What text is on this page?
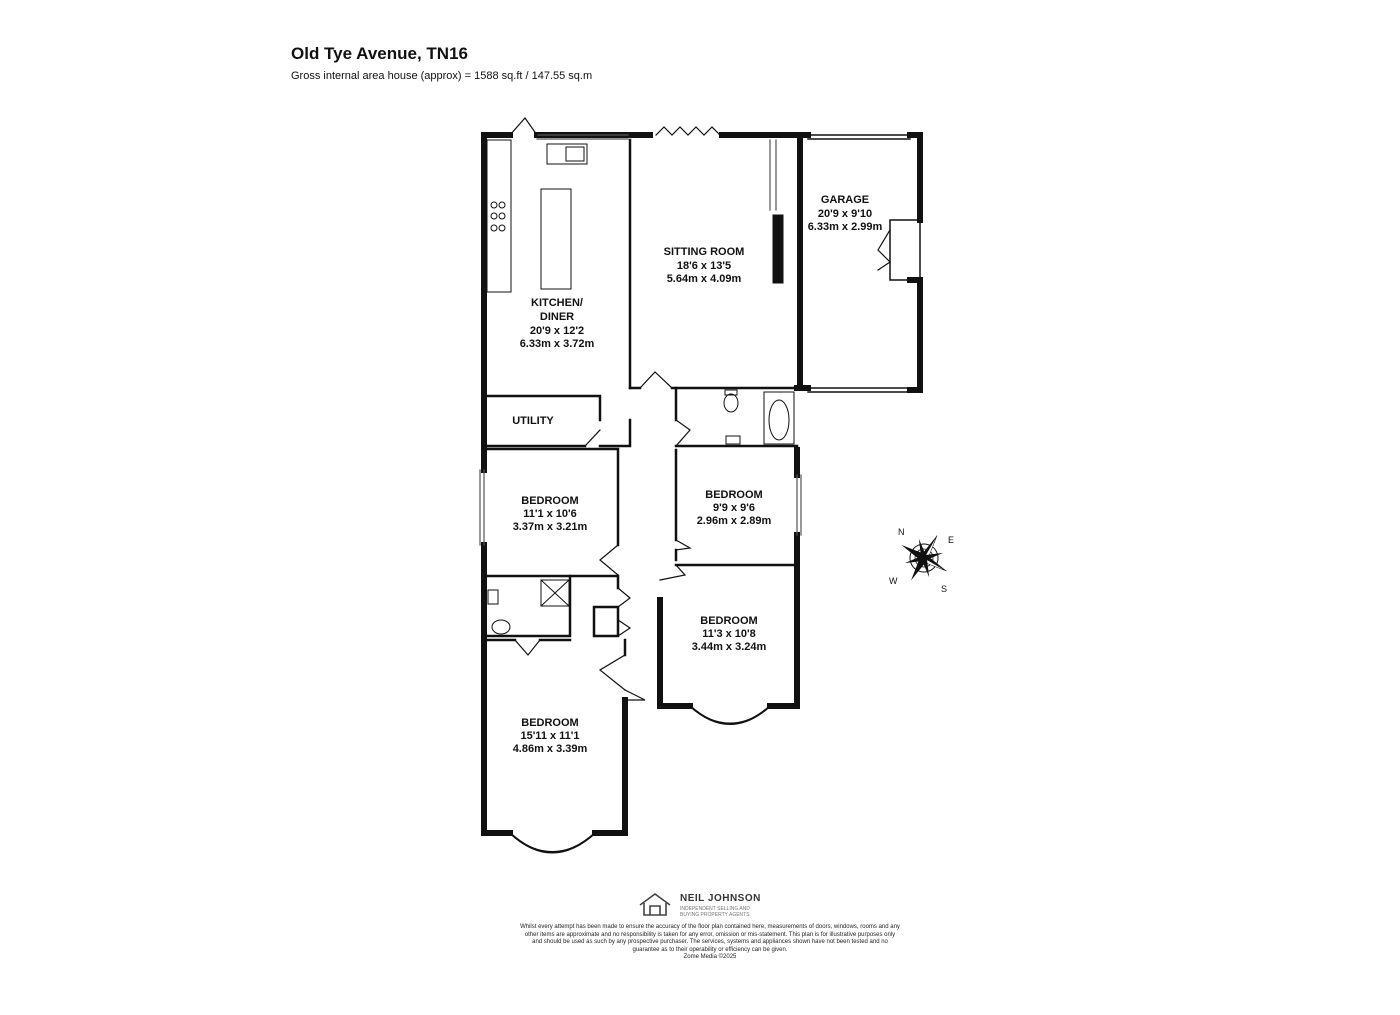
Old Tye Avenue, TN16
Gross internal area house (approx) = 1588 sq.ft / 147.55 sq.m
KITCHEN/
DINER
20'9 x 12'2
6.33m x 3.72m
SITTING ROOM
18'6 x 13'5
5.64m x 4.09m
GARAGE
20'9 x 9'10
6.33m x 2.99m
UTILITY
BEDROOM
11'1 x 10'6
3.37m x 3.21m
BEDROOM
9'9 x 9'6
2.96m x 2.89m
BEDROOM
11'3 x 10'8
3.44m x 3.24m
BEDROOM
15'11 x 11'1
4.86m x 3.39m
N
E
S
W
NEIL JOHNSON
INDEPENDENT SELLING AND BUYING PROPERTY AGENTS
Whilst every attempt has been made to ensure the accuracy of the floor plan contained here, measurements of doors, windows, rooms and any other items are approximate and no responsibility is taken for any error, omission or mis-statement. This plan is for illustrative purposes only and should be used as such by any prospective purchaser. The services, systems and appliances shown have not been tested and no guarantee as to their operability or efficiency can be given.
Zome Media ©2025
